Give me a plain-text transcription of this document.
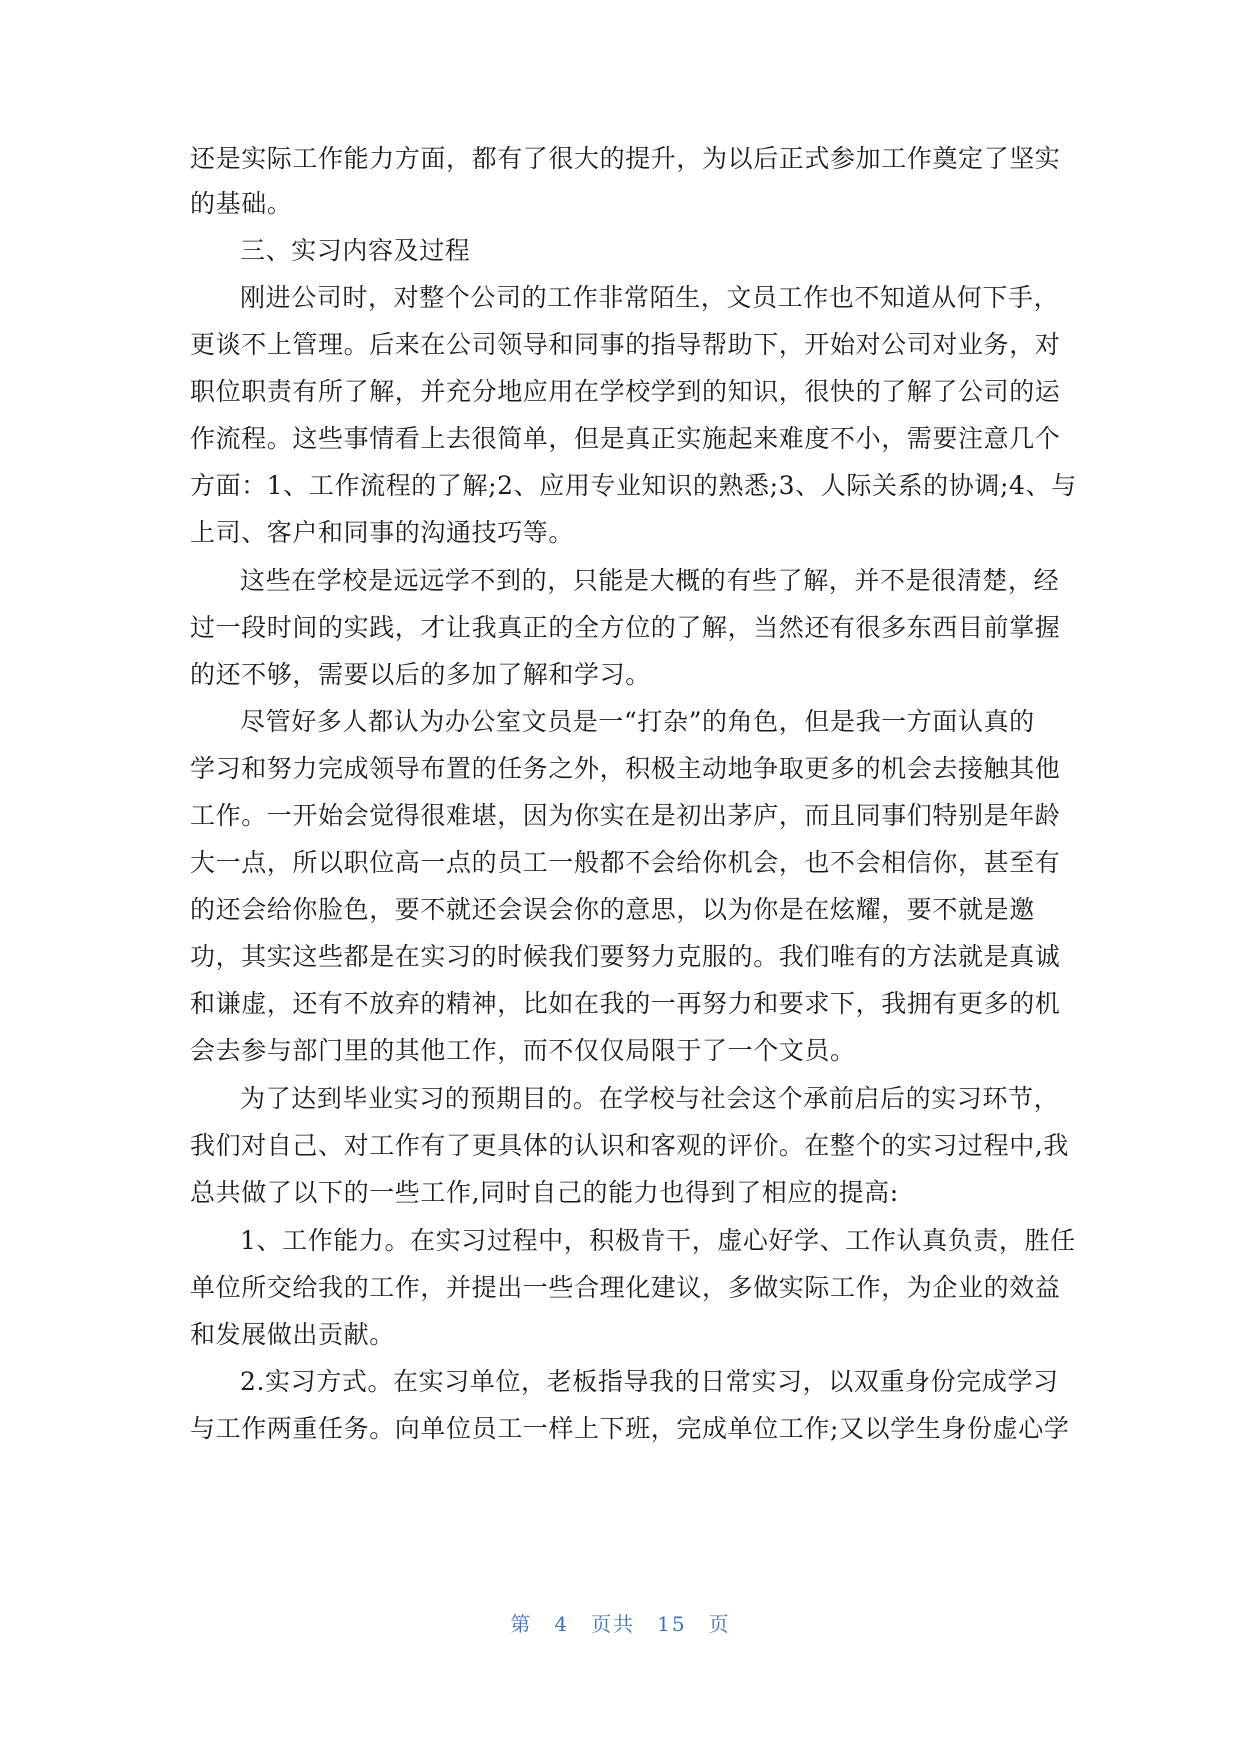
还是实际工作能力方面，都有了很大的提升，为以后正式参加工作奠定了坚实
的基础。
三、实习内容及过程
刚进公司时，对整个公司的工作非常陌生，文员工作也不知道从何下手，
更谈不上管理。后来在公司领导和同事的指导帮助下，开始对公司对业务，对
职位职责有所了解，并充分地应用在学校学到的知识，很快的了解了公司的运
作流程。这些事情看上去很简单，但是真正实施起来难度不小，需要注意几个
方面：1、工作流程的了解;2、应用专业知识的熟悉;3、人际关系的协调;4、与
上司、客户和同事的沟通技巧等。
这些在学校是远远学不到的，只能是大概的有些了解，并不是很清楚，经
过一段时间的实践，才让我真正的全方位的了解，当然还有很多东西目前掌握
的还不够，需要以后的多加了解和学习。
尽管好多人都认为办公室文员是一“打杂”的角色，但是我一方面认真的
学习和努力完成领导布置的任务之外，积极主动地争取更多的机会去接触其他
工作。一开始会觉得很难堪，因为你实在是初出茅庐，而且同事们特别是年龄
大一点，所以职位高一点的员工一般都不会给你机会，也不会相信你，甚至有
的还会给你脸色，要不就还会误会你的意思，以为你是在炫耀，要不就是邀
功，其实这些都是在实习的时候我们要努力克服的。我们唯有的方法就是真诚
和谦虚，还有不放弃的精神，比如在我的一再努力和要求下，我拥有更多的机
会去参与部门里的其他工作，而不仅仅局限于了一个文员。
为了达到毕业实习的预期目的。在学校与社会这个承前启后的实习环节，
我们对自己、对工作有了更具体的认识和客观的评价。在整个的实习过程中,我
总共做了以下的一些工作,同时自己的能力也得到了相应的提高:
1、工作能力。在实习过程中，积极肯干，虚心好学、工作认真负责，胜任
单位所交给我的工作，并提出一些合理化建议，多做实际工作，为企业的效益
和发展做出贡献。
2.实习方式。在实习单位，老板指导我的日常实习，以双重身份完成学习
与工作两重任务。向单位员工一样上下班，完成单位工作;又以学生身份虚心学
第 4 页共 15 页
